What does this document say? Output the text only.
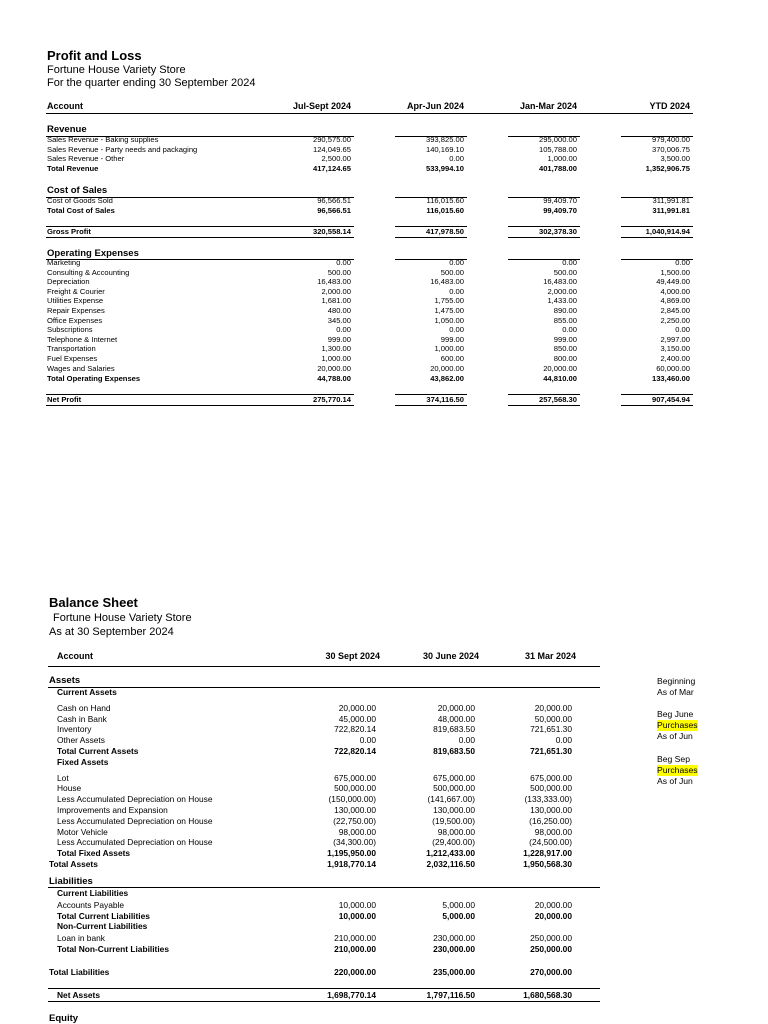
Profit and Loss
Fortune House Variety Store
For the quarter ending 30 September 2024
Account	Jul-Sept 2024	Apr-Jun 2024	Jan-Mar 2024	YTD 2024
Revenue
Sales Revenue - Baking supplies	290,575.00	393,825.00	295,000.00	979,400.00
Sales Revenue - Party needs and packaging	124,049.65	140,169.10	105,788.00	370,006.75
Sales Revenue - Other	2,500.00	0.00	1,000.00	3,500.00
Total Revenue	417,124.65	533,994.10	401,788.00	1,352,906.75
Cost of Sales
Cost of Goods Sold	96,566.51	116,015.60	99,409.70	311,991.81
Total Cost of Sales	96,566.51	116,015.60	99,409.70	311,991.81
Gross Profit	320,558.14	417,978.50	302,378.30	1,040,914.94
Operating Expenses
Marketing	0.00	0.00	0.00	0.00
Consulting & Accounting	500.00	500.00	500.00	1,500.00
Depreciation	16,483.00	16,483.00	16,483.00	49,449.00
Freight & Courier	2,000.00	0.00	2,000.00	4,000.00
Utilities Expense	1,681.00	1,755.00	1,433.00	4,869.00
Repair Expenses	480.00	1,475.00	890.00	2,845.00
Office Expenses	345.00	1,050.00	855.00	2,250.00
Subscriptions	0.00	0.00	0.00	0.00
Telephone & Internet	999.00	999.00	999.00	2,997.00
Transportation	1,300.00	1,000.00	850.00	3,150.00
Fuel Expenses	1,000.00	600.00	800.00	2,400.00
Wages and Salaries	20,000.00	20,000.00	20,000.00	60,000.00
Total Operating Expenses	44,788.00	43,862.00	44,810.00	133,460.00
Net Profit	275,770.14	374,116.50	257,568.30	907,454.94
Balance Sheet
Fortune House Variety Store
As at 30 September 2024
Account	30 Sept 2024	30 June 2024	31 Mar 2024
Assets
Current Assets
Cash on Hand	20,000.00	20,000.00	20,000.00
Cash in Bank	45,000.00	48,000.00	50,000.00
Inventory	722,820.14	819,683.50	721,651.30
Other Assets	0.00	0.00	0.00
Total Current Assets	722,820.14	819,683.50	721,651.30
Fixed Assets
Lot	675,000.00	675,000.00	675,000.00
House	500,000.00	500,000.00	500,000.00
Less Accumulated Depreciation on House	(150,000.00)	(141,667.00)	(133,333.00)
Improvements and Expansion	130,000.00	130,000.00	130,000.00
Less Accumulated Depreciation on House	(22,750.00)	(19,500.00)	(16,250.00)
Motor Vehicle	98,000.00	98,000.00	98,000.00
Less Accumulated Depreciation on House	(34,300.00)	(29,400.00)	(24,500.00)
Total Fixed Assets	1,195,950.00	1,212,433.00	1,228,917.00
Total Assets	1,918,770.14	2,032,116.50	1,950,568.30
Liabilities
Current Liabilities
Accounts Payable	10,000.00	5,000.00	20,000.00
Total Current Liabilities	10,000.00	5,000.00	20,000.00
Non-Current Liabilities
Loan in bank	210,000.00	230,000.00	250,000.00
Total Non-Current Liabilities	210,000.00	230,000.00	250,000.00
Total Liabilities	220,000.00	235,000.00	270,000.00
Net Assets	1,698,770.14	1,797,116.50	1,680,568.30
Equity
Beginning
As of Mar
Beg June
Purchases
As of Jun
Beg Sep
Purchases
As of Jun
